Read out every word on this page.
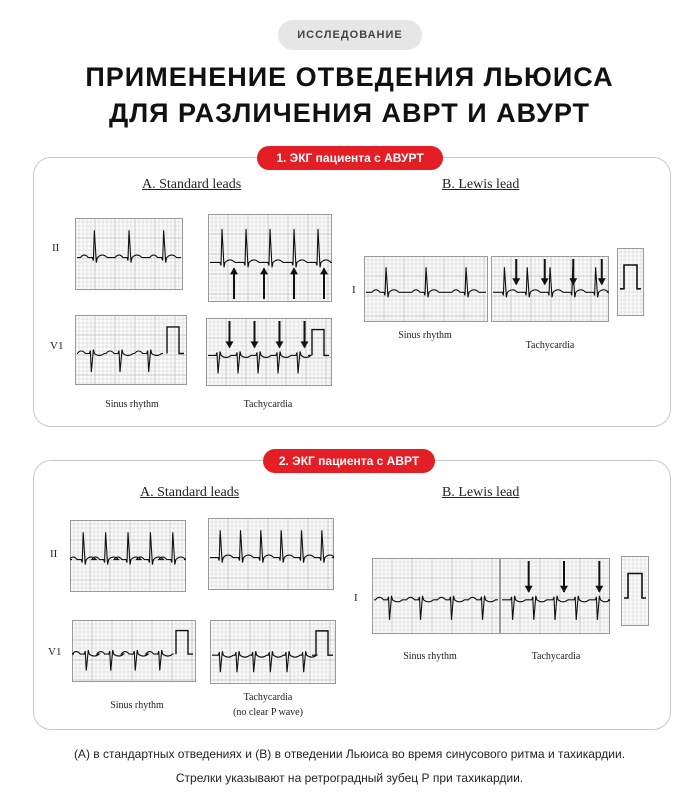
ИССЛЕДОВАНИЕ
ПРИМЕНЕНИЕ ОТВЕДЕНИЯ ЛЬЮИСА
ДЛЯ РАЗЛИЧЕНИЯ АВРТ И АВУРТ
1. ЭКГ пациента с АВУРТ
A. Standard leads	B. Lewis lead
II
V1
I
Sinus rhythm	Tachycardia
Sinus rhythm
Tachycardia
2. ЭКГ пациента с АВРТ
A. Standard leads	B. Lewis lead
II
V1
I
Sinus rhythm
Tachycardia
(no clear P wave)
Sinus rhythm	Tachycardia
(А) в стандартных отведениях и (В) в отведении Льюиса во время синусового ритма и тахикардии.
Стрелки указывают на ретроградный зубец Р при тахикардии.
